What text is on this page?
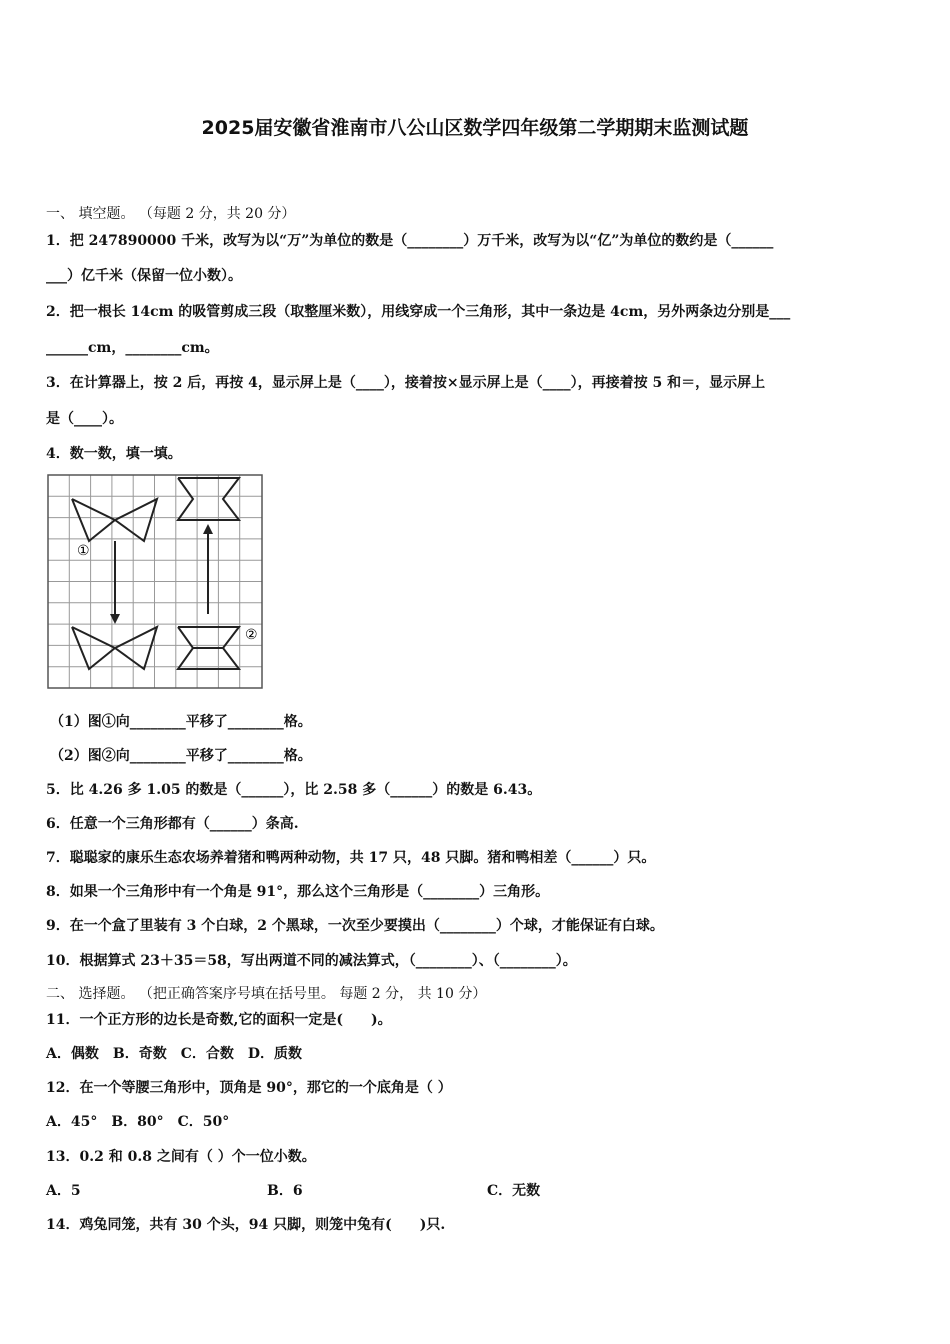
2025届安徽省淮南市八公山区数学四年级第二学期期末监测试题
一、 填空题。 （每题 2 分，共 20 分）
1．把 247890000 千米，改写为以“万”为单位的数是（________）万千米，改写为以“亿”为单位的数约是（______
___）亿千米（保留一位小数）。
2．把一根长 14cm 的吸管剪成三段（取整厘米数），用线穿成一个三角形，其中一条边是 4cm，另外两条边分别是___
______cm，________cm。
3．在计算器上，按 2 后，再按 4，显示屏上是（____），接着按×显示屏上是（____），再接着按 5 和＝，显示屏上
是（____）。
4．数一数，填一填。
①
②
（1）图①向________平移了________格。
（2）图②向________平移了________格。
5．比 4.26 多 1.05 的数是（______），比 2.58 多（______）的数是 6.43。
6．任意一个三角形都有（______）条高.
7．聪聪家的康乐生态农场养着猪和鸭两种动物，共 17 只，48 只脚。猪和鸭相差（______）只。
8．如果一个三角形中有一个角是 91°，那么这个三角形是（________）三角形。
9．在一个盒了里装有 3 个白球，2 个黑球，一次至少要摸出（________）个球，才能保证有白球。
10．根据算式 23＋35＝58，写出两道不同的减法算式，（________）、（________）。
二、 选择题。 （把正确答案序号填在括号里。 每题 2 分， 共 10 分）
11．一个正方形的边长是奇数,它的面积一定是(　　)。
A．偶数　B．奇数　C．合数　D．质数
12．在一个等腰三角形中，顶角是 90°，那它的一个底角是（ ）
A．45°　B．80°　C．50°
13．0.2 和 0.8 之间有（ ）个一位小数。
A．5	B．6	C．无数
14．鸡兔同笼，共有 30 个头，94 只脚，则笼中兔有(　　)只.
